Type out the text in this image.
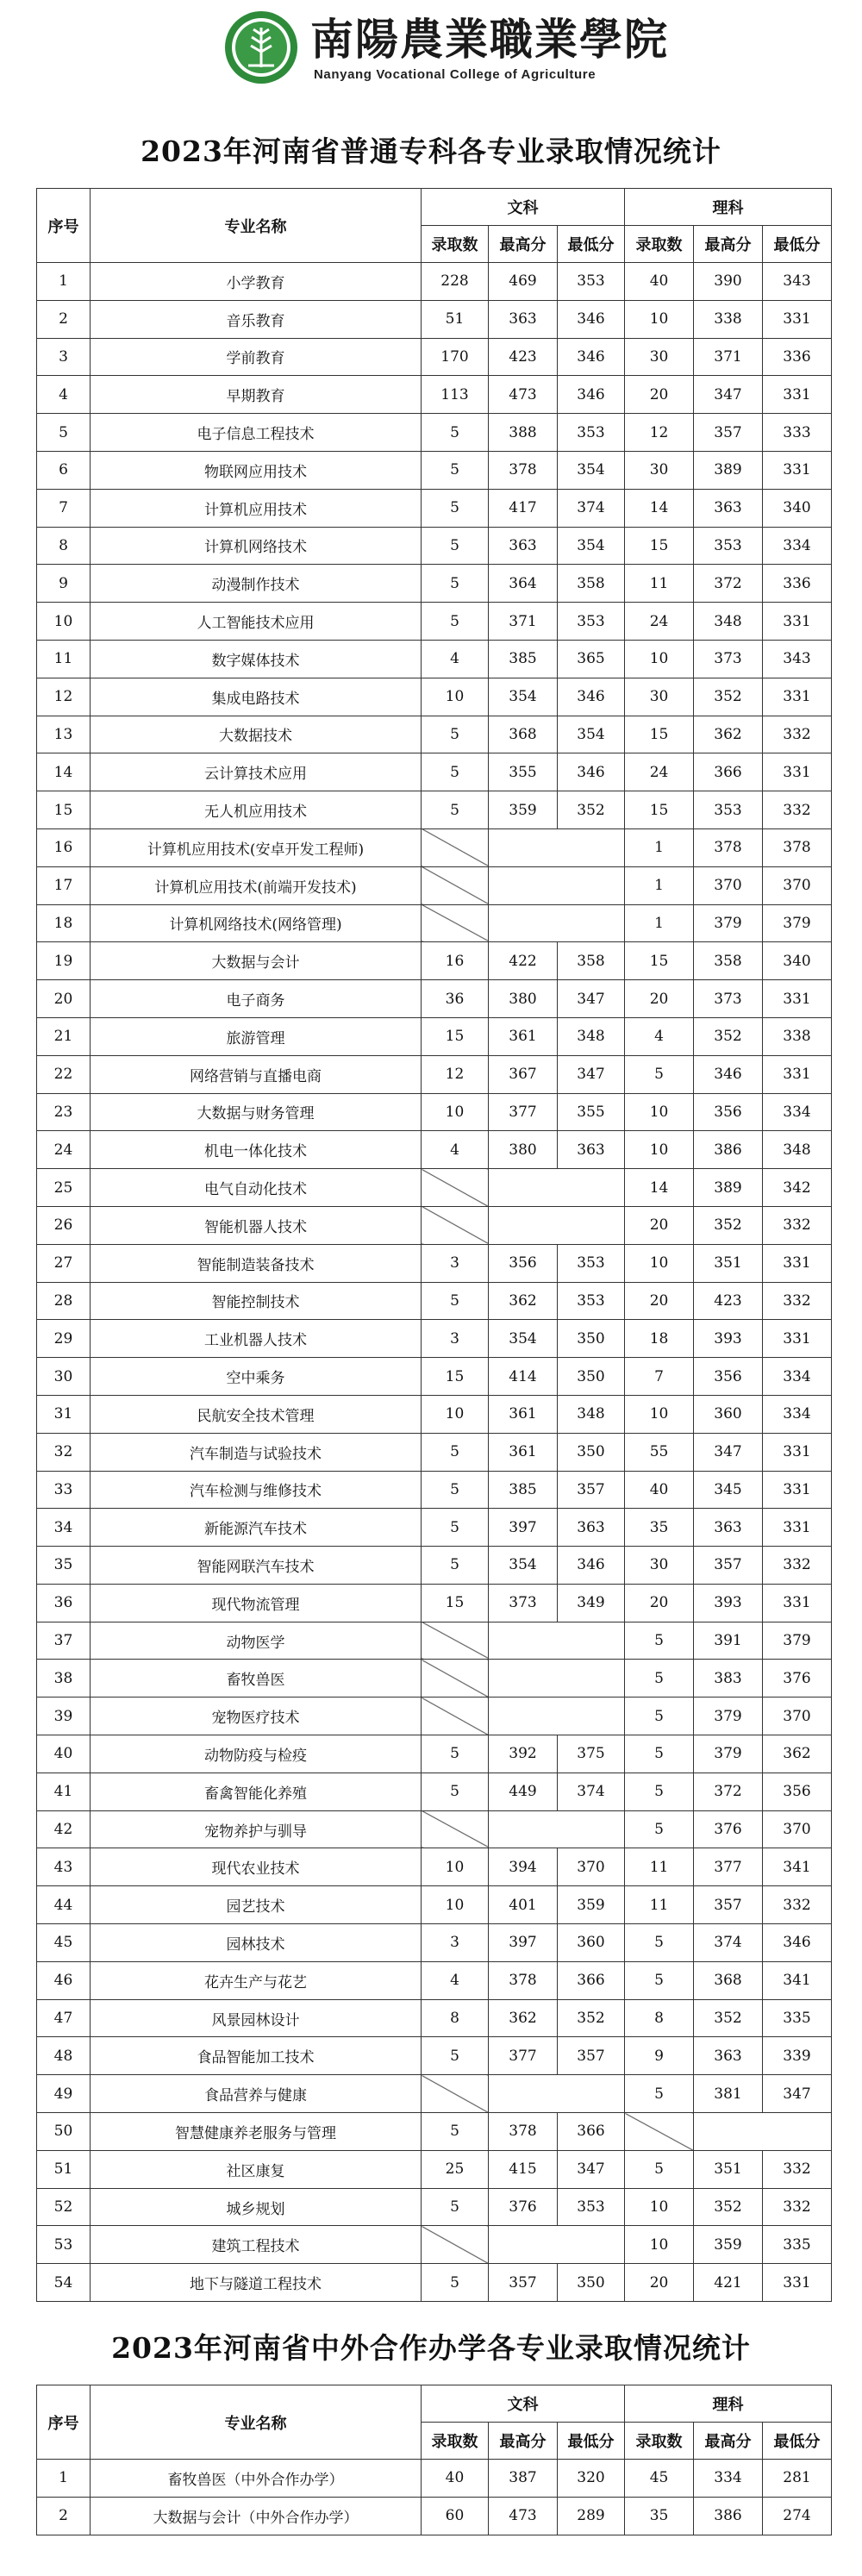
南陽農業職業學院
Nanyang Vocational College of Agriculture
2023年河南省普通专科各专业录取情况统计
序号	专业名称	文科			理科		
		录取数	最高分	最低分	录取数	最高分	最低分
1	小学教育	228	469	353	40	390	343
2	音乐教育	51	363	346	10	338	331
3	学前教育	170	423	346	30	371	336
4	早期教育	113	473	346	20	347	331
5	电子信息工程技术	5	388	353	12	357	333
6	物联网应用技术	5	378	354	30	389	331
7	计算机应用技术	5	417	374	14	363	340
8	计算机网络技术	5	363	354	15	353	334
9	动漫制作技术	5	364	358	11	372	336
10	人工智能技术应用	5	371	353	24	348	331
11	数字媒体技术	4	385	365	10	373	343
12	集成电路技术	10	354	346	30	352	331
13	大数据技术	5	368	354	15	362	332
14	云计算技术应用	5	355	346	24	366	331
15	无人机应用技术	5	359	352	15	353	332
16	计算机应用技术(安卓开发工程师)				1	378	378
17	计算机应用技术(前端开发技术)				1	370	370
18	计算机网络技术(网络管理)				1	379	379
19	大数据与会计	16	422	358	15	358	340
20	电子商务	36	380	347	20	373	331
21	旅游管理	15	361	348	4	352	338
22	网络营销与直播电商	12	367	347	5	346	331
23	大数据与财务管理	10	377	355	10	356	334
24	机电一体化技术	4	380	363	10	386	348
25	电气自动化技术				14	389	342
26	智能机器人技术				20	352	332
27	智能制造装备技术	3	356	353	10	351	331
28	智能控制技术	5	362	353	20	423	332
29	工业机器人技术	3	354	350	18	393	331
30	空中乘务	15	414	350	7	356	334
31	民航安全技术管理	10	361	348	10	360	334
32	汽车制造与试验技术	5	361	350	55	347	331
33	汽车检测与维修技术	5	385	357	40	345	331
34	新能源汽车技术	5	397	363	35	363	331
35	智能网联汽车技术	5	354	346	30	357	332
36	现代物流管理	15	373	349	20	393	331
37	动物医学				5	391	379
38	畜牧兽医				5	383	376
39	宠物医疗技术				5	379	370
40	动物防疫与检疫	5	392	375	5	379	362
41	畜禽智能化养殖	5	449	374	5	372	356
42	宠物养护与驯导				5	376	370
43	现代农业技术	10	394	370	11	377	341
44	园艺技术	10	401	359	11	357	332
45	园林技术	3	397	360	5	374	346
46	花卉生产与花艺	4	378	366	5	368	341
47	风景园林设计	8	362	352	8	352	335
48	食品智能加工技术	5	377	357	9	363	339
49	食品营养与健康				5	381	347
50	智慧健康养老服务与管理	5	378	366			
51	社区康复	25	415	347	5	351	332
52	城乡规划	5	376	353	10	352	332
53	建筑工程技术				10	359	335
54	地下与隧道工程技术	5	357	350	20	421	331
2023年河南省中外合作办学各专业录取情况统计
序号	专业名称	文科			理科		
		录取数	最高分	最低分	录取数	最高分	最低分
1	畜牧兽医（中外合作办学）	40	387	320	45	334	281
2	大数据与会计（中外合作办学）	60	473	289	35	386	274
